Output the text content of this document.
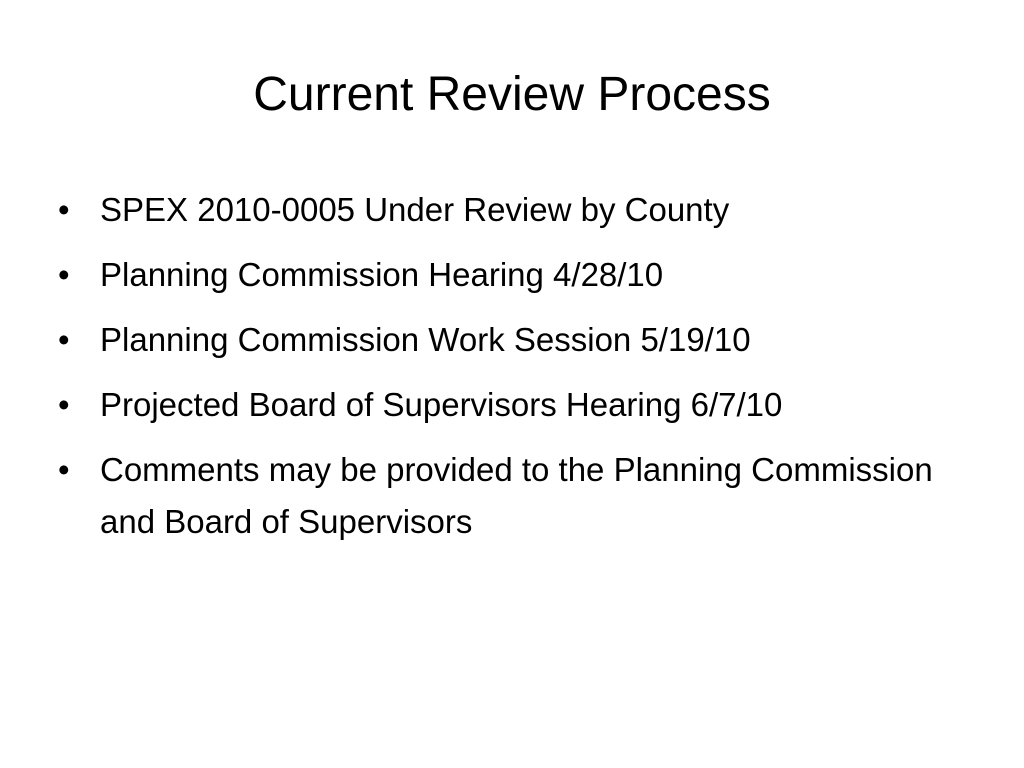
Current Review Process
• SPEX 2010-0005 Under Review by County
• Planning Commission Hearing 4/28/10
• Planning Commission Work Session 5/19/10
• Projected Board of Supervisors Hearing 6/7/10
• Comments may be provided to the Planning Commission and Board of Supervisors
